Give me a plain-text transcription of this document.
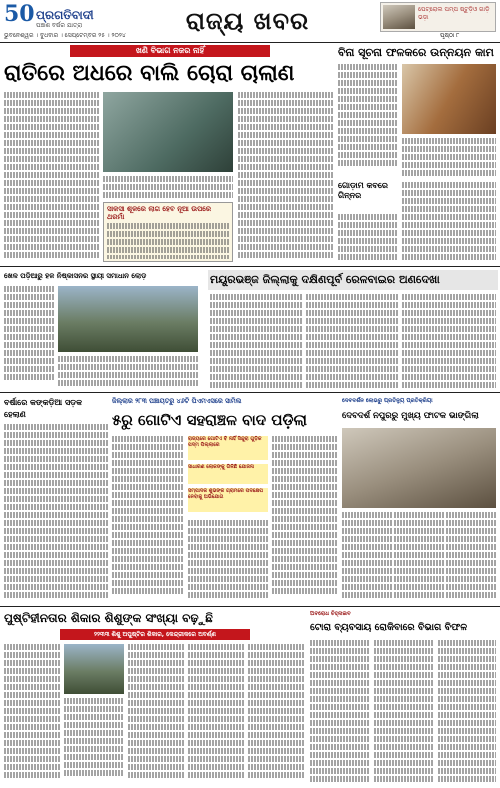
50 ପ୍ରଗତିବାଦୀ
ପଞ୍ଚାଶ ବର୍ଷର ଯାତ୍ରା
ଭୁବନେଶ୍ୱର । ବୁଧବାର । ସେପ୍ଟେମ୍ବର ୨୫ । ୨୦୨୪
ରାଜ୍ୟ ଖବର	ପେଟ୍ରୋଲ ପମ୍ପ ଷ୍ଟୁଡ଼ିଓ ଗାଡ଼ି ଭଡ଼ା
ପୃଷ୍ଠା ୮
ଖଣି ବିଭାଗ ନଜର ନାହିଁ
ରାତିରେ ଅଧରେ ବାଲି ଚୋରା ଚାଲାଣ
ସାକସୀ ଶୂଳରେ ଲାଗ ହେବ ନୂଆ ଉପରେ ଥରମାଁ
ବିନା ସୂଚନା ଫଳକରେ ଉନ୍ନୟନ କାମ
ଗୋଡ଼ାମ କବରେ ଗିନ୍ନର
ଖେଳ ପଡ଼ିଆରୁ ହଳ ନିଷ୍କାସନର ସ୍ଥାୟୀ ସମାଧାନ ଲୋଡ଼	ମୟୂରଭଞ୍ଜ ଜିଲ୍ଲାକୁ ଦକ୍ଷିଣପୂର୍ବ ରେଳବାଇର ଅଣଦେଖା
ବର୍ଷାରେ କଙ୍କଡ଼ିଆ ସଡ଼କ ହେଲାଣ
ଜିଲ୍ଲାର ୨୮୩ ପଞ୍ଚାୟତରୁ ୪୬ଟି ପିଏମଏସରେ ସାମିଲ
୫ରୁ ଗୋଟିଏ ସହରାଞ୍ଚଳ ବାଦ ପଡ଼ିଲା
ରାଜ୍ୟରେ ଗୋଟିଏ ବି ନାହିଁ ସିନ୍ଦୁରା ଗୁଡ଼ିକ ପଦ୍ମ ପିଲ୍ଲାରେ
ସାଧାରଣ ଲୋକଙ୍କୁ ଗିଳିଛି ଯୋଜନା
ସମ୍ପାଦକ ଶୁଭଙ୍କ ଗ୍ରାମରେ ପଦକ୍ଷେପ ନେବାକୁ ଅଭିଯୋଗ
ଦେବଦର୍ଶନ ଲୋଭରୁ ପ୍ରତିନ୍ୟୁ ପ୍ରତିକ୍ରିୟା
ଦେବଦର୍ଶ ନପୁରରୁ ମୁଖ୍ୟ ଫାଟକ ଭାଙ୍ଗିଲା
ପୁଷ୍ଟିହୀନତାର ଶିକାର ଶିଶୁଙ୍କ ସଂଖ୍ୟା ବଢ଼ୁଛି
୨୨୩୩ ଶିଶୁ ଅପୁଷ୍ଟିର ଶିକାର, କେନ୍ଦ୍ରୀକରେ ଅବର୍ଣ୍ଣ
ଅବରୋଧ ଚିହ୍ନାଇବ
ଟୋରା ବ୍ୟବସାୟ ରୋକିବାରେ ବିଭାଗ ବିଫଳ
